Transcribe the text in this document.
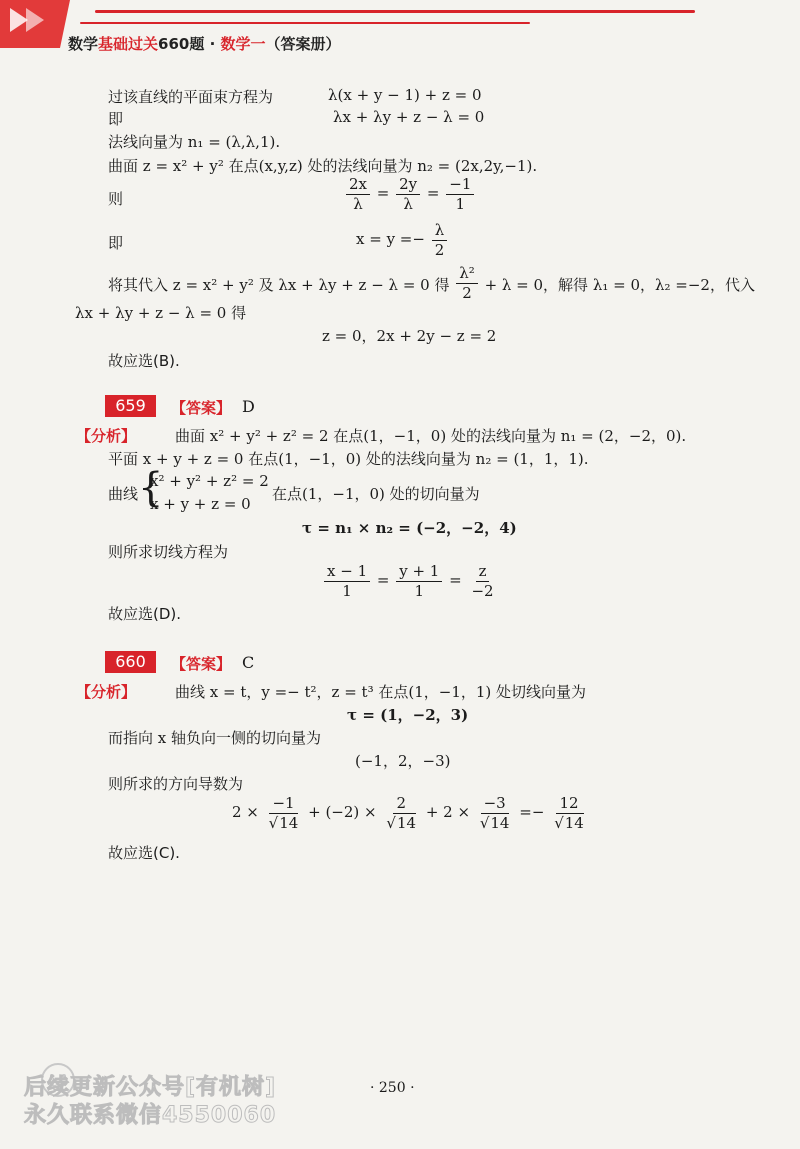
数学基础过关660题 · 数学一（答案册）
过该直线的平面束方程为	λ(x + y − 1) + z = 0
即	λx + λy + z − λ = 0
法线向量为 n₁ = (λ,λ,1).
曲面 z = x² + y² 在点(x,y,z) 处的法线向量为 n₂ = (2x,2y,−1).
则	$\frac{2x}{\lambda} = \frac{2y}{\lambda} = \frac{-1}{1}$
即	$x = y =- \frac{\lambda}{2}$
将其代入 z = x² + y² 及 λx + λy + z − λ = 0 得 $\frac{\text{λ²}}{2} + \lambda = 0$，解得 λ₁ = 0，λ₂ =−2，代入
λx + λy + z − λ = 0 得
z = 0，2x + 2y − z = 2
故应选(B).
659	【答案】 D
【分析】	曲面 x² + y² + z² = 2 在点(1，−1，0) 处的法线向量为 n₁ = (2，−2，0).
平面 x + y + z = 0 在点(1，−1，0) 处的法线向量为 n₂ = (1，1，1).
曲线 {
x² + y² + z² = 2
x + y + z = 0
在点(1，−1，0) 处的切向量为
τ = n₁ × n₂ = (−2，−2，4)
则所求切线方程为
$\frac{x - 1}{1} = \frac{y + 1}{1} = \frac{z}{-2}$
故应选(D).
660	【答案】 C
【分析】	曲线 x = t，y =− t²，z = t³ 在点(1，−1，1) 处切线向量为
τ = (1，−2，3)
而指向 x 轴负向一侧的切向量为
(−1，2，−3)
则所求的方向导数为
$2 \times \frac{-1}{√14} + (-2) \times \frac{2}{√14} + 2 \times \frac{-3}{√14} =- \frac{12}{√14}$
故应选(C).
后续更新公众号[有机树]
永久联系微信4550060
· 250 ·
